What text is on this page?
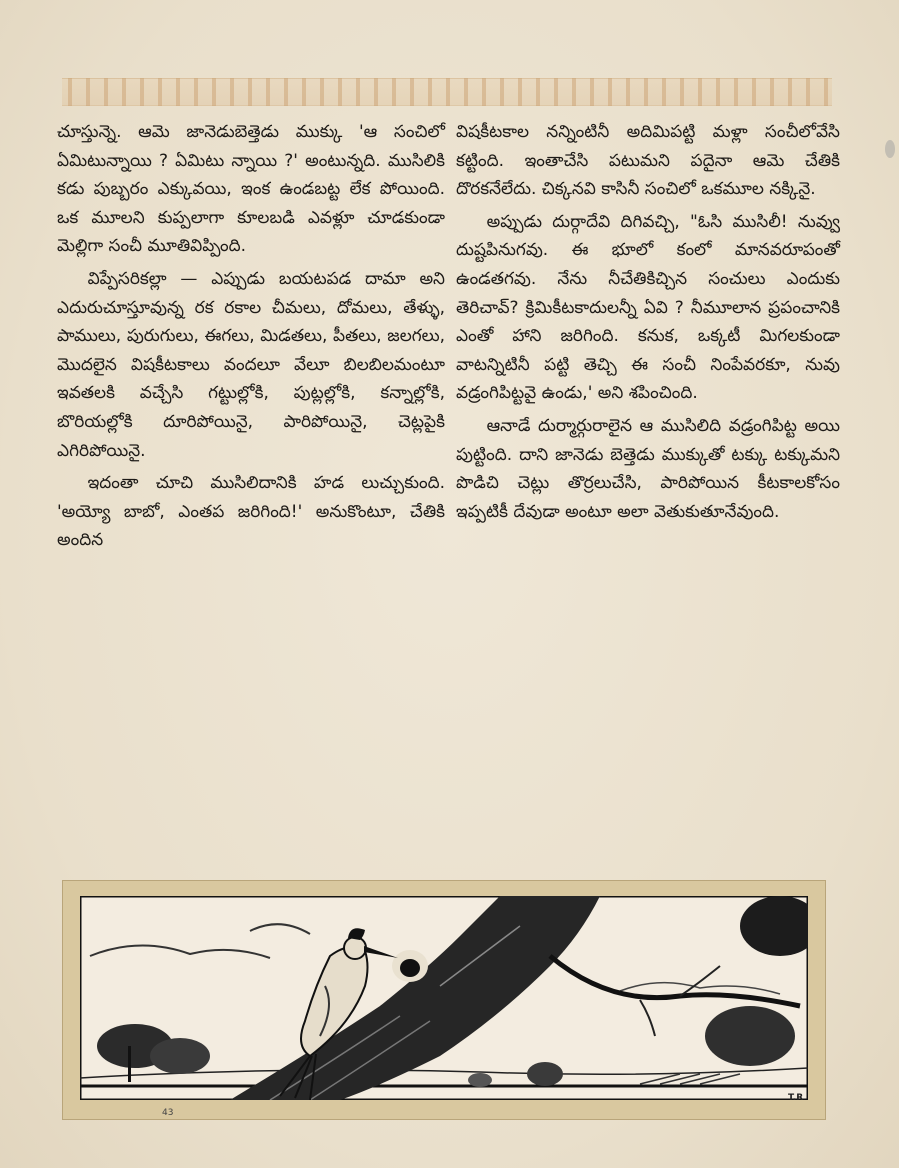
చూస్తున్నె. ఆమె జానెడుబెత్తెడు ముక్కు 'ఆ సంచిలో ఏమిటున్నాయి ? ఏమిటు న్నాయి ?' అంటున్నది. ముసిలికి కడు పుబ్బరం ఎక్కువయి, ఇంక ఉండబట్ట లేక పోయింది. ఒక మూలని కుప్పలాగా కూలబడి ఎవళ్లూ చూడకుండా మెల్లిగా సంచీ మూతివిప్పింది.

విప్పేసరికల్లా — ఎప్పుడు బయటపడ దామా అని ఎదురుచూస్తూవున్న రక రకాల చీమలు, దోమలు, తేళ్ళు, పాములు, పురుగులు, ఈగలు, మిడతలు, పీతలు, జలగలు, మొదలైన విషకీటకాలు వందలూ వేలూ బిలబిలమంటూ ఇవతలకి వచ్చేసి గట్టుల్లోకి, పుట్లల్లోకి, కన్నాల్లోకి, బొరియల్లోకి దూరిపోయినై, పారిపోయినై, చెట్లపైకి ఎగిరిపోయినై.

ఇదంతా చూచి ముసిలిదానికి హడ లుచ్చుకుంది. 'అయ్యో బాబో, ఎంతప జరిగింది!' అనుకొంటూ, చేతికి అందిన

విషకీటకాల నన్నింటినీ అదిమిపట్టి మళ్లా సంచీలోవేసి కట్టింది. ఇంతాచేసి పటుమని పదైనా ఆమె చేతికి దొరకనేలేదు. చిక్కనవి కాసినీ సంచిలో ఒకమూల నక్కినై.

అప్పుడు దుర్గాదేవి దిగివచ్చి, "ఓసి ముసిలీ! నువ్వు దుష్టపినుగవు. ఈ భూలో కంలో మానవరూపంతో ఉండతగవు. నేను నీచేతికిచ్చిన సంచులు ఎందుకు తెరిచావ్? క్రిమికీటకాదులన్నీ ఏవి ? నీమూలాన ప్రపంచానికి ఎంతో హాని జరిగింది. కనుక, ఒక్కటీ మిగలకుండా వాటన్నిటినీ పట్టి తెచ్చి ఈ సంచీ నింపేవరకూ, నువు వడ్రంగిపిట్టవై ఉండు,' అని శపించింది.

ఆనాడే దుర్మార్గురాలైన ఆ ముసిలిది వడ్రంగిపిట్ట అయి పుట్టింది. దాని జానెడు బెత్తెడు ముక్కుతో టక్కు టక్కుమని పొడిచి చెట్లు తొర్రలుచేసి, పారిపోయిన కీటకాలకోసం ఇప్పటికీ దేవుడా అంటూ అలా వెతుకుతూనేవుంది.

43
T.R
